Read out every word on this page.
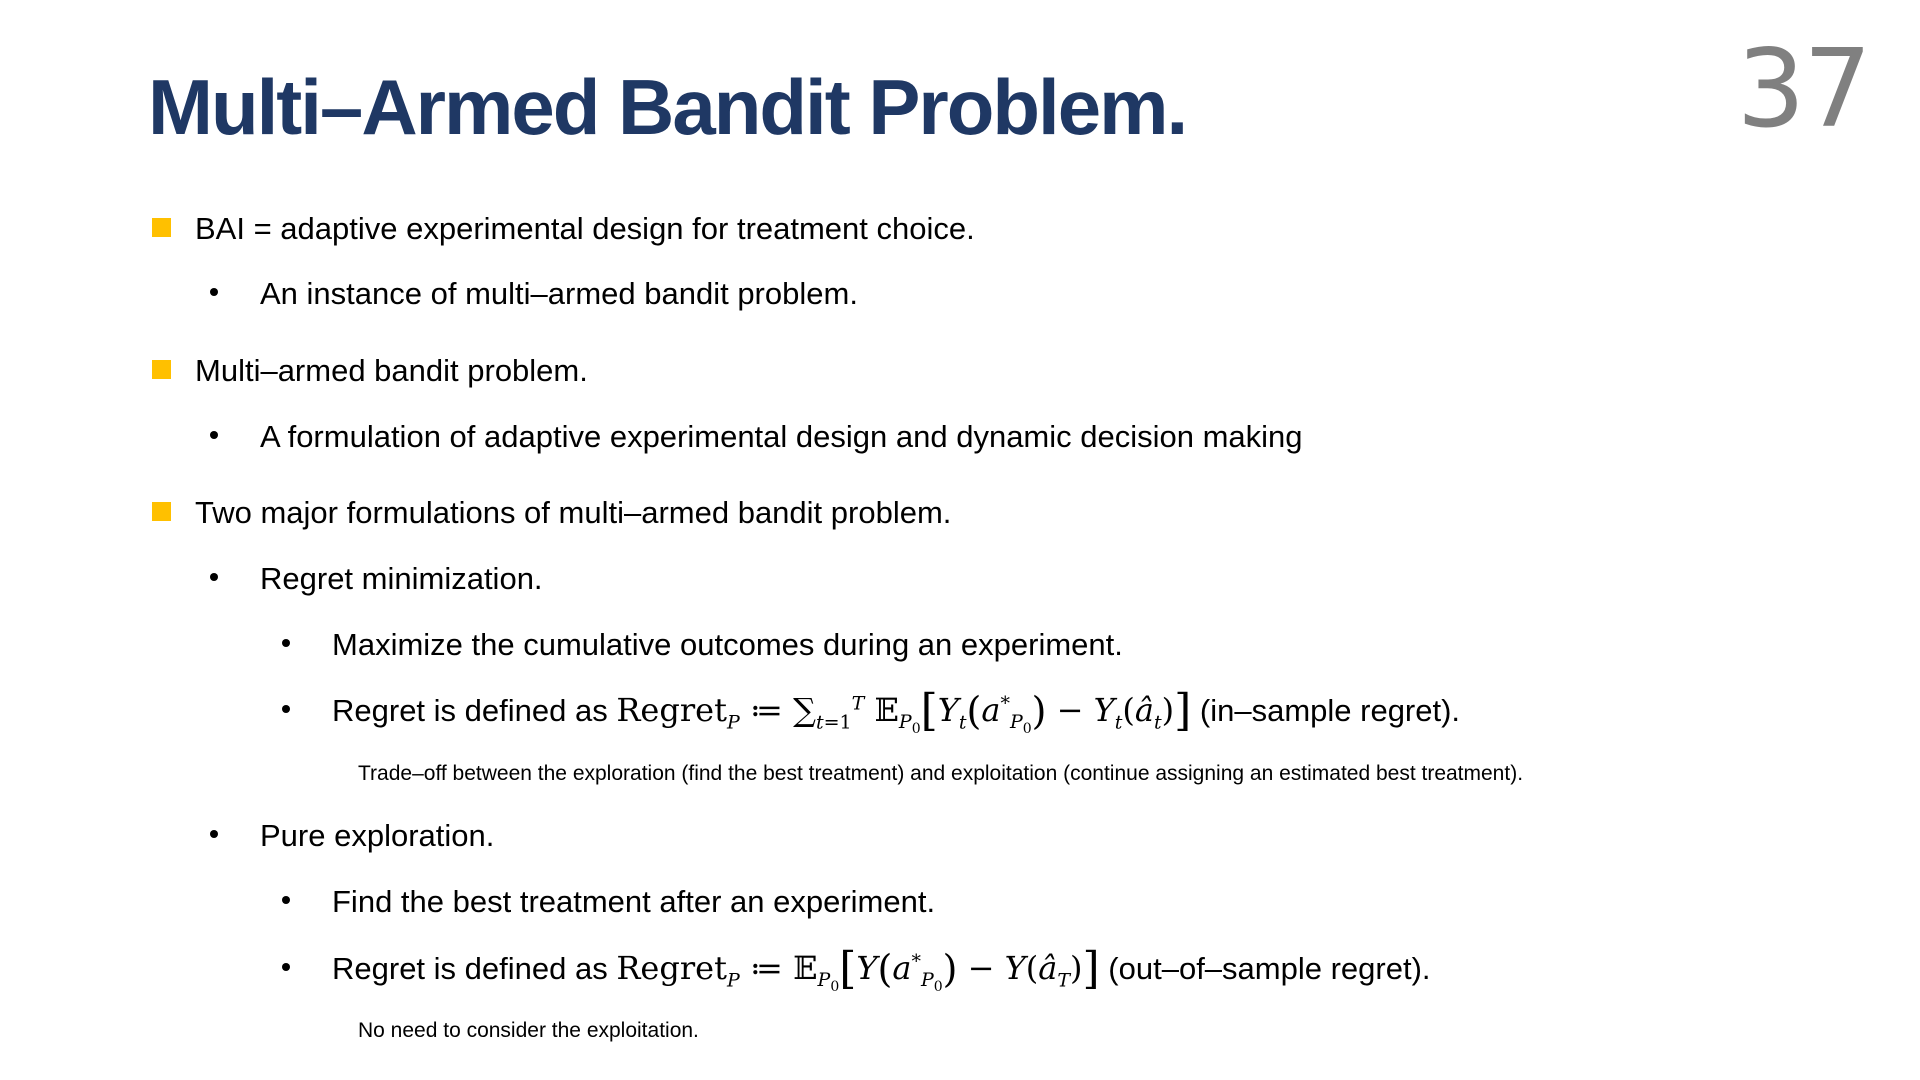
Multi–Armed Bandit Problem.	37
BAI = adaptive experimental design for treatment choice.
An instance of multi–armed bandit problem.
Multi–armed bandit problem.
A formulation of adaptive experimental design and dynamic decision making
Two major formulations of multi–armed bandit problem.
Regret minimization.
Maximize the cumulative outcomes during an experiment.
Regret is defined as Regret$_P$ ≔ $\sum_{t=1}^T$ $𝔼_{P_0}[Y_t(a^*_{P_0})$ − $Y_t(â_t)$] (in–sample regret).
Trade–off between the exploration (find the best treatment) and exploitation (continue assigning an estimated best treatment).
Pure exploration.
Find the best treatment after an experiment.
Regret is defined as Regret$_P$ ≔ $𝔼_{P_0}[Y(a^*_{P_0})$ − $Y(â_T)$] (out–of–sample regret).
No need to consider the exploitation.
